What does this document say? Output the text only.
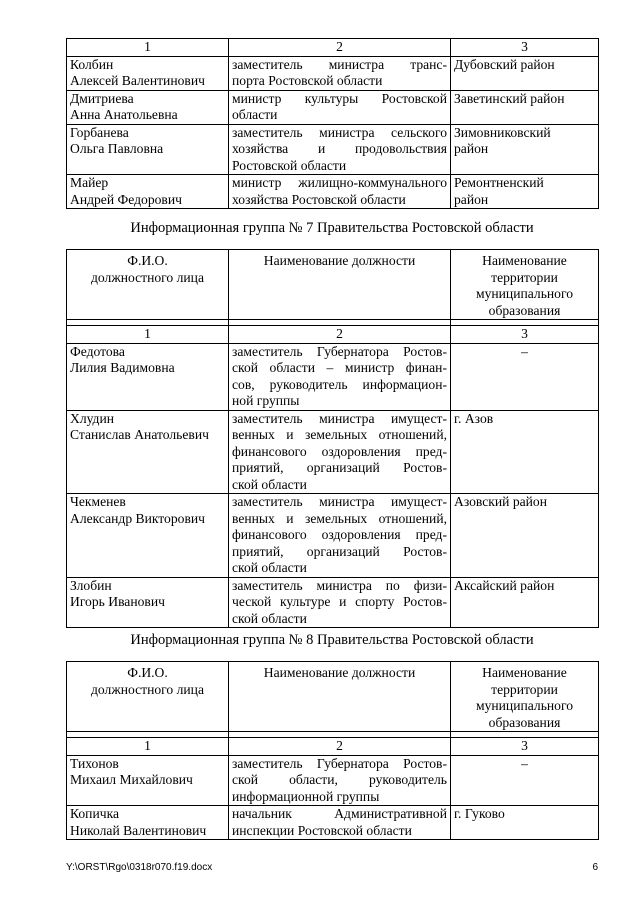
1	2	3

Колбин
Алексей Валентинович	заместитель министра транс-
порта Ростовской области	Дубовский район

Дмитриева
Анна Анатольевна	министр культуры Ростовской
области	Заветинский район

Горбанева
Ольга Павловна	заместитель министра сельского
хозяйства и продовольствия
Ростовской области	Зимовниковский
район

Майер
Андрей Федорович	министр жилищно-коммунального
хозяйства Ростовской области	Ремонтненский
район
Информационная группа № 7 Правительства Ростовской области
Ф.И.О.
должностного лица	Наименование должности	Наименование
территории
муниципального
образования

1	2	3

Федотова
Лилия Вадимовна	заместитель Губернатора Ростов-
ской области – министр финан-
сов, руководитель информацион-
ной группы	–

Хлудин
Станислав Анатольевич	заместитель министра имущест-
венных и земельных отношений,
финансового оздоровления пред-
приятий, организаций Ростов-
ской области	г. Азов

Чекменев
Александр Викторович	заместитель министра имущест-
венных и земельных отношений,
финансового оздоровления пред-
приятий, организаций Ростов-
ской области	Азовский район

Злобин
Игорь Иванович	заместитель министра по физи-
ческой культуре и спорту Ростов-
ской области	Аксайский район
Информационная группа № 8 Правительства Ростовской области
Ф.И.О.
должностного лица	Наименование должности	Наименование
территории
муниципального
образования

1	2	3

Тихонов
Михаил Михайлович	заместитель Губернатора Ростов-
ской области, руководитель
информационной группы	–

Копичка
Николай Валентинович	начальник Административной
инспекции Ростовской области	г. Гуково
Y:\ORST\Rgo\0318r070.f19.docx	6
